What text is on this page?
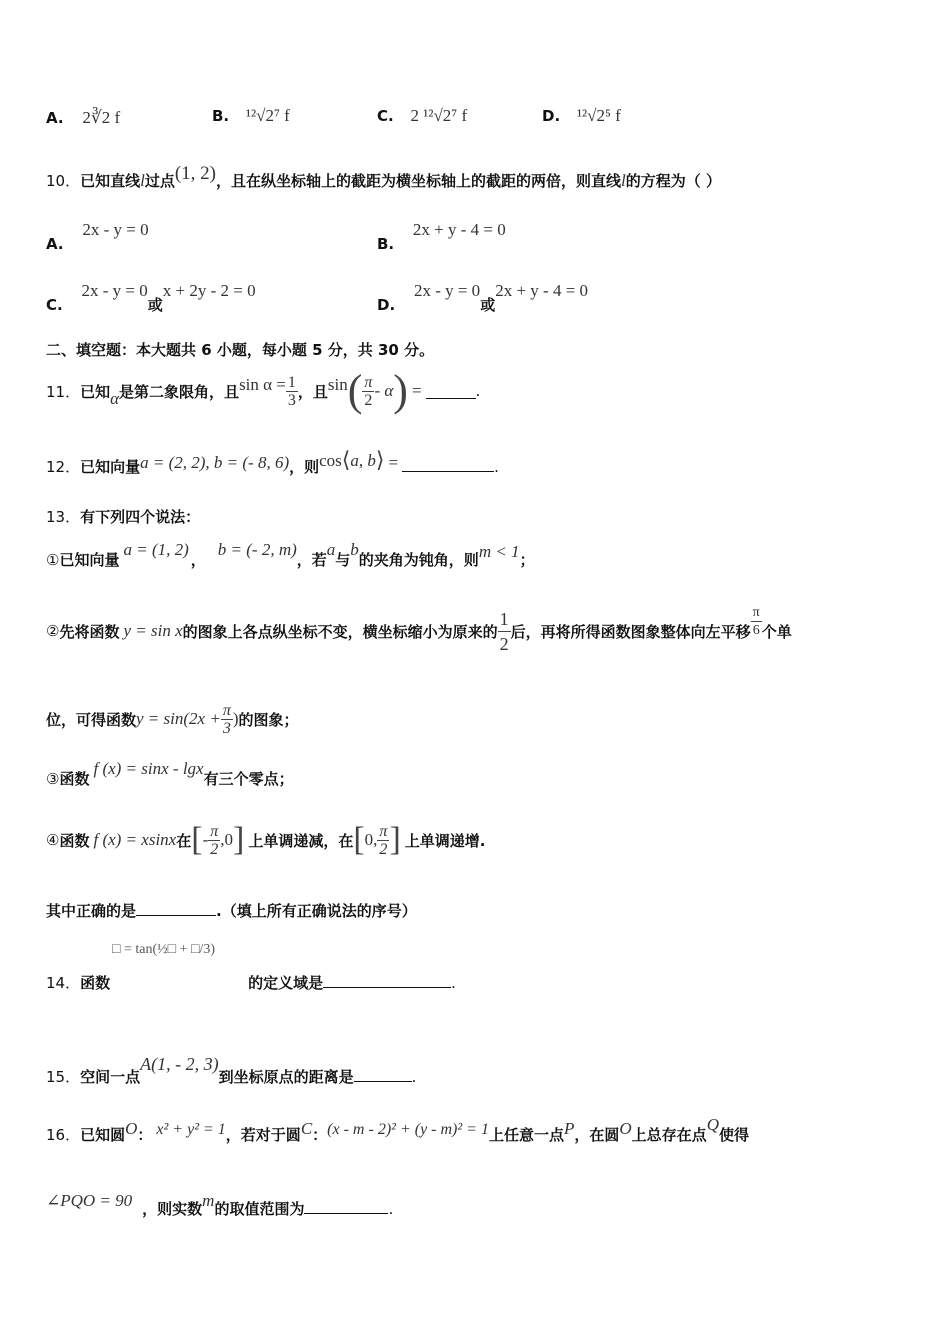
A. 2∛2 f	B. ¹²√2⁷ f	C. 2 ¹²√2⁷ f	D. ¹²√2⁵ f
10．已知直线l过点(1, 2)，且在纵坐标轴上的截距为横坐标轴上的截距的两倍，则直线l的方程为（ ）
A. 2x - y = 0
B. 2x + y - 4 = 0
C. 2x - y = 0或x + 2y - 2 = 0
D. 2x - y = 0或2x + y - 4 = 0
二、填空题：本大题共 6 小题，每小题 5 分，共 30 分。
11． 已知 α 是第二象限角，且 $\sin \alpha = \frac{1}{3}$ ，且 sin ( $\frac{\pi}{2}$ - α ) =	.
12．已知向量a = (2, 2), b = (- 8, 6)，则cos⟨a, b⟩ =	.
13．有下列四个说法：
①已知向量a = (1, 2)，b = (- 2, m)，若a与b的夹角为钝角，则m < 1；
② 先将函数 y = sin x 的图象上各点纵坐标不变，横坐标缩小为原来的 $\frac{1}{2}$ 后，再将所得函数图象整体向左平移 $\frac{\pi}{6}$ 个单
位，可得函数 $y = \sin(2x + \frac{\pi}{3}$ ) 的图象；
③函数f (x) = sinx - lgx有三个零点；
④ 函数 f (x) = xsinx 在 [ - $\frac{\pi}{2} ,0$ ] 上单调递减，在 [ 0, $\frac{\pi}{2}$ ] 上单调递增.
其中正确的是	.（填上所有正确说法的序号）
□ = tan(½□ + □/3)
14．函数	的定义域是	.
15．空间一点A(1, - 2, 3)到坐标原点的距离是	.
16．已知圆O： x² + y² = 1，若对于圆C：(x - m - 2)² + (y - m)² = 1上任意一点P，在圆O上总存在点Q使得
∠PQO = 90 ，则实数m的取值范围为	.
